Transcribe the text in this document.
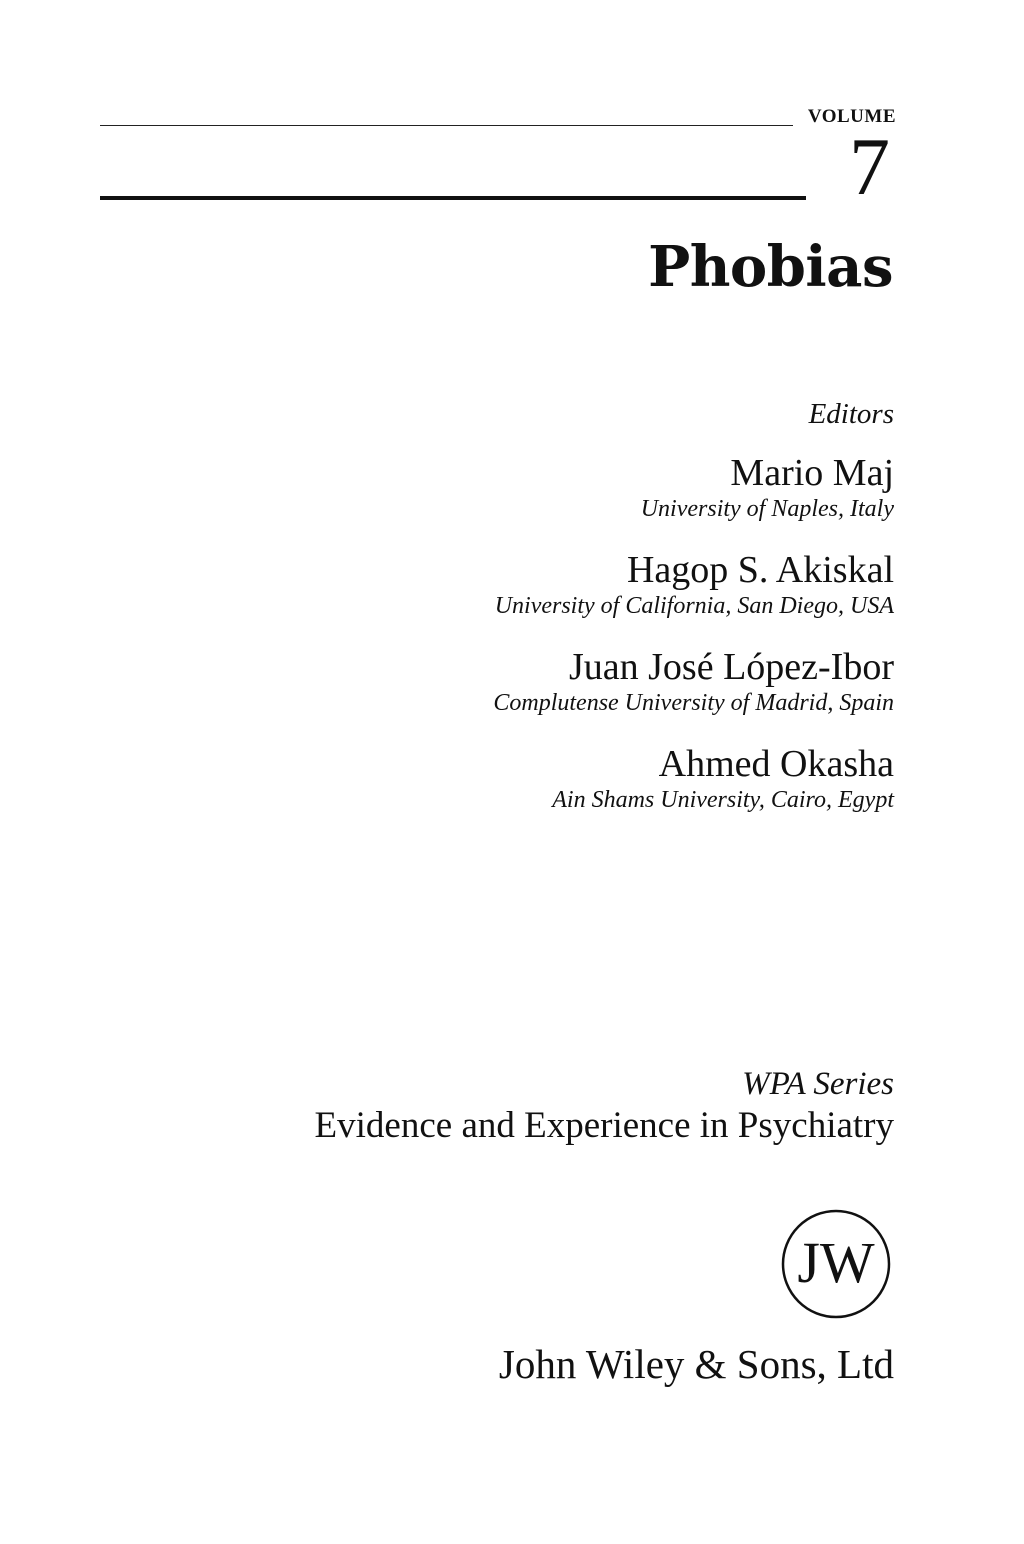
VOLUME
7
Phobias
Editors
Mario Maj
University of Naples, Italy
Hagop S. Akiskal
University of California, San Diego, USA
Juan José López-Ibor
Complutense University of Madrid, Spain
Ahmed Okasha
Ain Shams University, Cairo, Egypt
WPA Series
Evidence and Experience in Psychiatry
JW
John Wiley & Sons, Ltd
